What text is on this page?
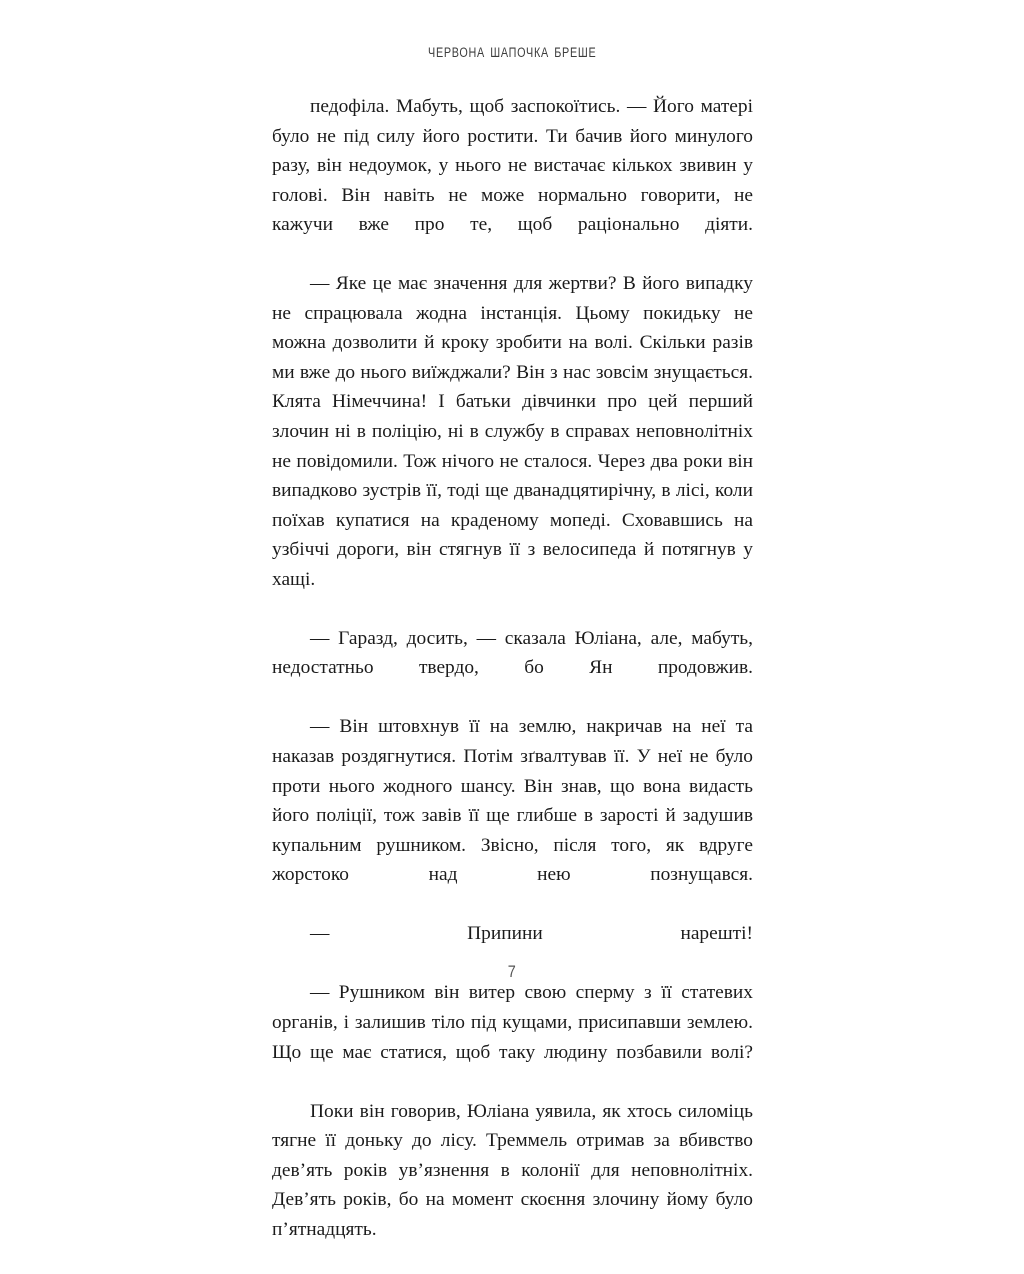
ЧЕРВОНА ШАПОЧКА БРЕШЕ

педофіла. Мабуть, щоб заспокоїтись. — Його матері було не під силу його ростити. Ти бачив його минулого разу, він недоумок, у нього не вистачає кількох звивин у голові. Він навіть не може нормально говорити, не кажучи вже про те, щоб раціонально діяти.

— Яке це має значення для жертви? В його випадку не спрацювала жодна інстанція. Цьому покидьку не можна дозволити й кроку зробити на волі. Скільки разів ми вже до нього виїжджали? Він з нас зовсім знущається. Клята Німеччина! І батьки дівчинки про цей перший злочин ні в поліцію, ні в службу в справах неповнолітніх не повідомили. Тож нічого не сталося. Через два роки він випадково зустрів її, тоді ще дванадцятирічну, в лісі, коли поїхав купатися на краденому мопеді. Сховавшись на узбіччі дороги, він стягнув її з велосипеда й потягнув у хащі.

— Гаразд, досить, — сказала Юліана, але, мабуть, недостатньо твердо, бо Ян продовжив.

— Він штовхнув її на землю, накричав на неї та наказав роздягнутися. Потім зґвалтував її. У неї не було проти нього жодного шансу. Він знав, що вона видасть його поліції, тож завів її ще глибше в зарості й задушив купальним рушником. Звісно, після того, як вдруге жорстоко над нею познущався.

— Припини нарешті!

— Рушником він витер свою сперму з її статевих органів, і залишив тіло під кущами, присипавши землею. Що ще має статися, щоб таку людину позбавили волі?

Поки він говорив, Юліана уявила, як хтось силоміць тягне її доньку до лісу. Треммель отримав за вбивство дев’ять років ув’язнення в колонії для неповнолітніх. Дев’ять років, бо на момент скоєння злочину йому було п’ятнадцять.

7
